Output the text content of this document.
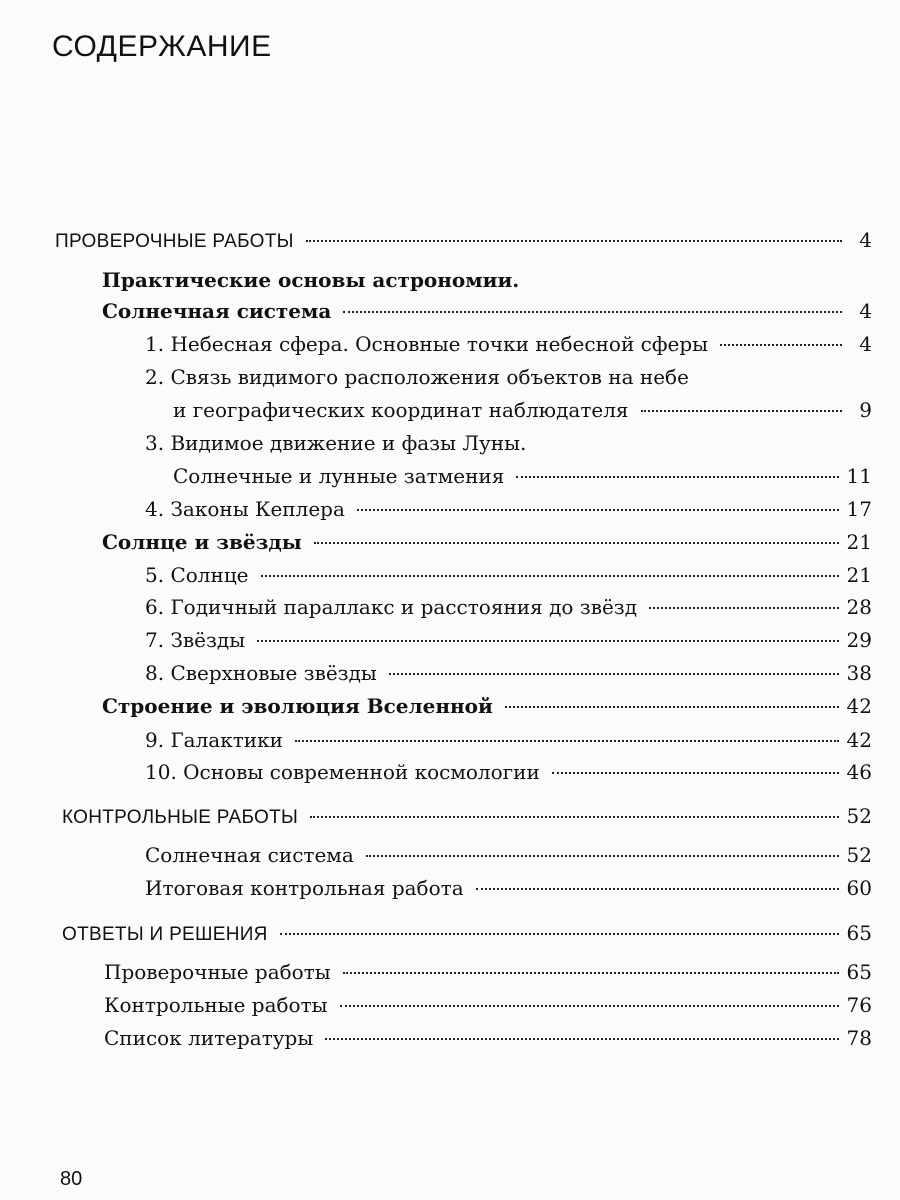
СОДЕРЖАНИЕ
ПРОВЕРОЧНЫЕ РАБОТЫ	4
Практические основы астрономии.
Солнечная система	4
1. Небесная сфера. Основные точки небесной сферы	4
2. Связь видимого расположения объектов на небе
и географических координат наблюдателя	9
3. Видимое движение и фазы Луны.
Солнечные и лунные затмения	11
4. Законы Кеплера	17
Солнце и звёзды	21
5. Солнце	21
6. Годичный параллакс и расстояния до звёзд	28
7. Звёзды	29
8. Сверхновые звёзды	38
Строение и эволюция Вселенной	42
9. Галактики	42
10. Основы современной космологии	46
КОНТРОЛЬНЫЕ РАБОТЫ	52
Солнечная система	52
Итоговая контрольная работа	60
ОТВЕТЫ И РЕШЕНИЯ	65
Проверочные работы	65
Контрольные работы	76
Список литературы	78
80
